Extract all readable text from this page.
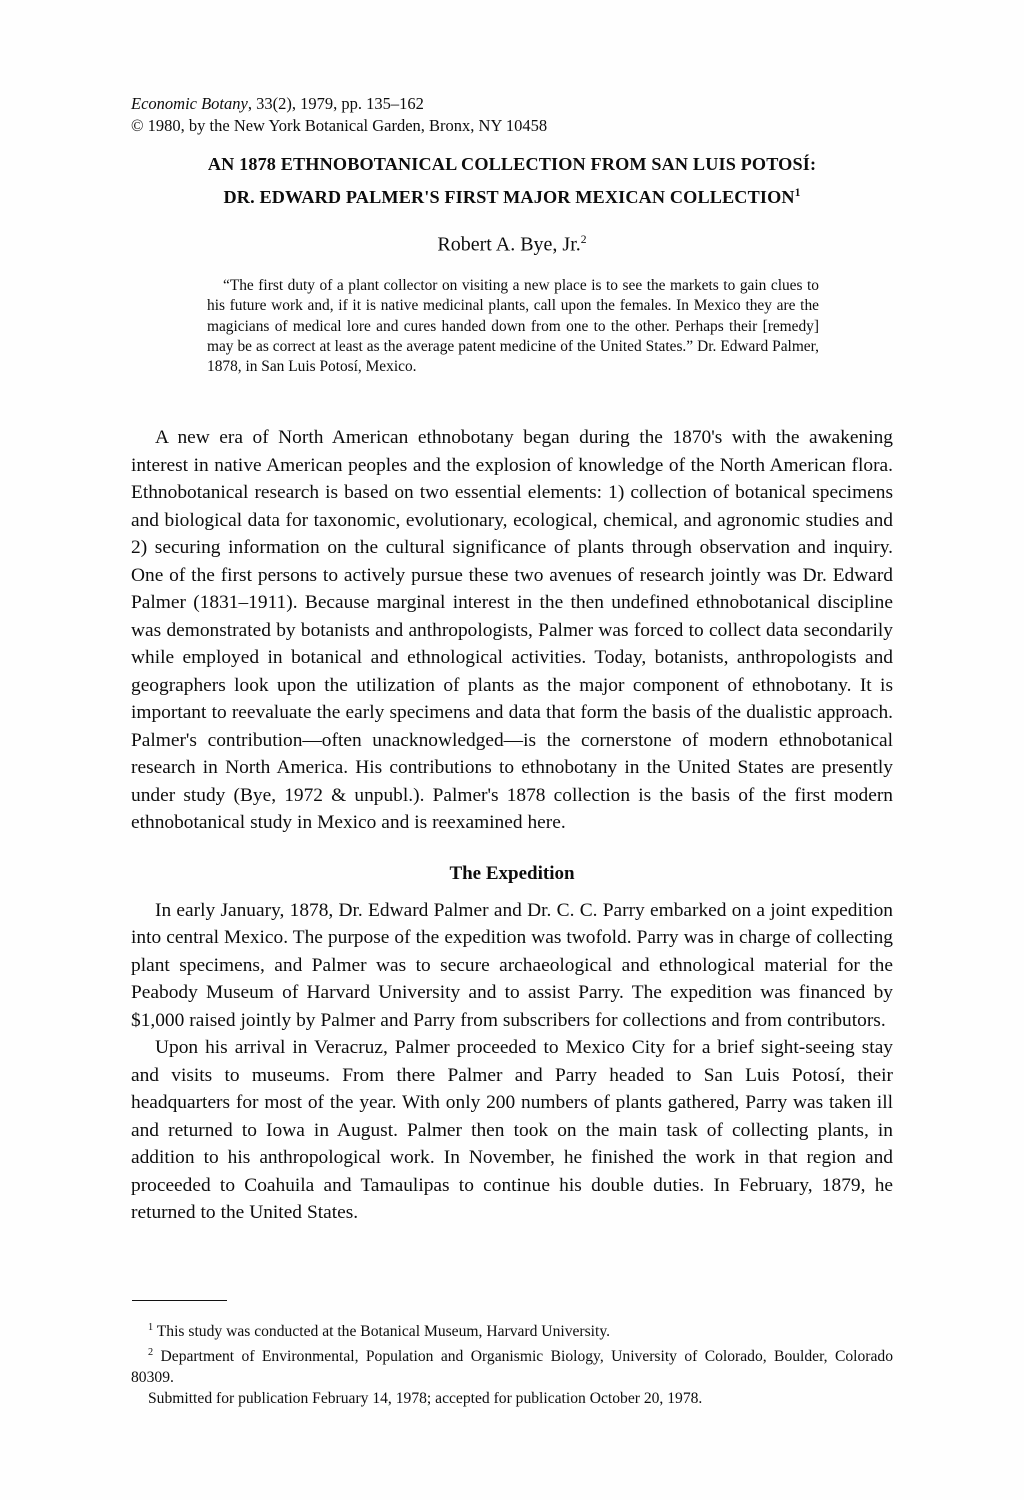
Economic Botany, 33(2), 1979, pp. 135–162
© 1980, by the New York Botanical Garden, Bronx, NY 10458
AN 1878 ETHNOBOTANICAL COLLECTION FROM SAN LUIS POTOSÍ:
DR. EDWARD PALMER'S FIRST MAJOR MEXICAN COLLECTION$^1$
Robert A. Bye, Jr.$^2$
“The first duty of a plant collector on visiting a new place is to see the markets to gain clues to his future work and, if it is native medicinal plants, call upon the females. In Mexico they are the magicians of medical lore and cures handed down from one to the other. Perhaps their [remedy] may be as correct at least as the average patent medicine of the United States.” Dr. Edward Palmer, 1878, in San Luis Potosí, Mexico.

A new era of North American ethnobotany began during the 1870's with the awakening interest in native American peoples and the explosion of knowledge of the North American flora. Ethnobotanical research is based on two essential elements: 1) collection of botanical specimens and biological data for taxonomic, evolutionary, ecological, chemical, and agronomic studies and 2) securing information on the cultural significance of plants through observation and inquiry. One of the first persons to actively pursue these two avenues of research jointly was Dr. Edward Palmer (1831–1911). Because marginal interest in the then undefined ethnobotanical discipline was demonstrated by botanists and anthropologists, Palmer was forced to collect data secondarily while employed in botanical and ethnological activities. Today, botanists, anthropologists and geographers look upon the utilization of plants as the major component of ethnobotany. It is important to reevaluate the early specimens and data that form the basis of the dualistic approach. Palmer's contribution—often unacknowledged—is the cornerstone of modern ethnobotanical research in North America. His contributions to ethnobotany in the United States are presently under study (Bye, 1972 & unpubl.). Palmer's 1878 collection is the basis of the first modern ethnobotanical study in Mexico and is reexamined here.

The Expedition

In early January, 1878, Dr. Edward Palmer and Dr. C. C. Parry embarked on a joint expedition into central Mexico. The purpose of the expedition was twofold. Parry was in charge of collecting plant specimens, and Palmer was to secure archaeological and ethnological material for the Peabody Museum of Harvard University and to assist Parry. The expedition was financed by $1,000 raised jointly by Palmer and Parry from subscribers for collections and from contributors.

Upon his arrival in Veracruz, Palmer proceeded to Mexico City for a brief sight-seeing stay and visits to museums. From there Palmer and Parry headed to San Luis Potosí, their headquarters for most of the year. With only 200 numbers of plants gathered, Parry was taken ill and returned to Iowa in August. Palmer then took on the main task of collecting plants, in addition to his anthropological work. In November, he finished the work in that region and proceeded to Coahuila and Tamaulipas to continue his double duties. In February, 1879, he returned to the United States.

$^1$ This study was conducted at the Botanical Museum, Harvard University.

$^2$ Department of Environmental, Population and Organismic Biology, University of Colorado, Boulder, Colorado 80309.

Submitted for publication February 14, 1978; accepted for publication October 20, 1978.
